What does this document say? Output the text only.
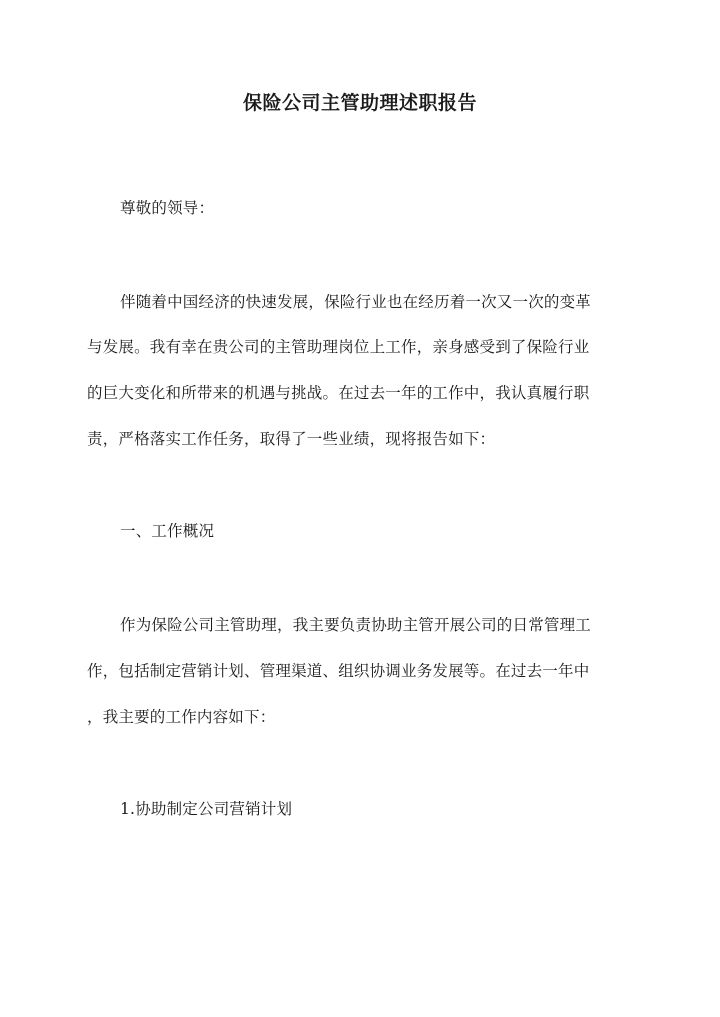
保险公司主管助理述职报告
尊敬的领导：
伴随着中国经济的快速发展，保险行业也在经历着一次又一次的变革
与发展。我有幸在贵公司的主管助理岗位上工作，亲身感受到了保险行业
的巨大变化和所带来的机遇与挑战。在过去一年的工作中，我认真履行职
责，严格落实工作任务，取得了一些业绩，现将报告如下：
一、工作概况
作为保险公司主管助理，我主要负责协助主管开展公司的日常管理工
作，包括制定营销计划、管理渠道、组织协调业务发展等。在过去一年中
，我主要的工作内容如下：
1.协助制定公司营销计划
